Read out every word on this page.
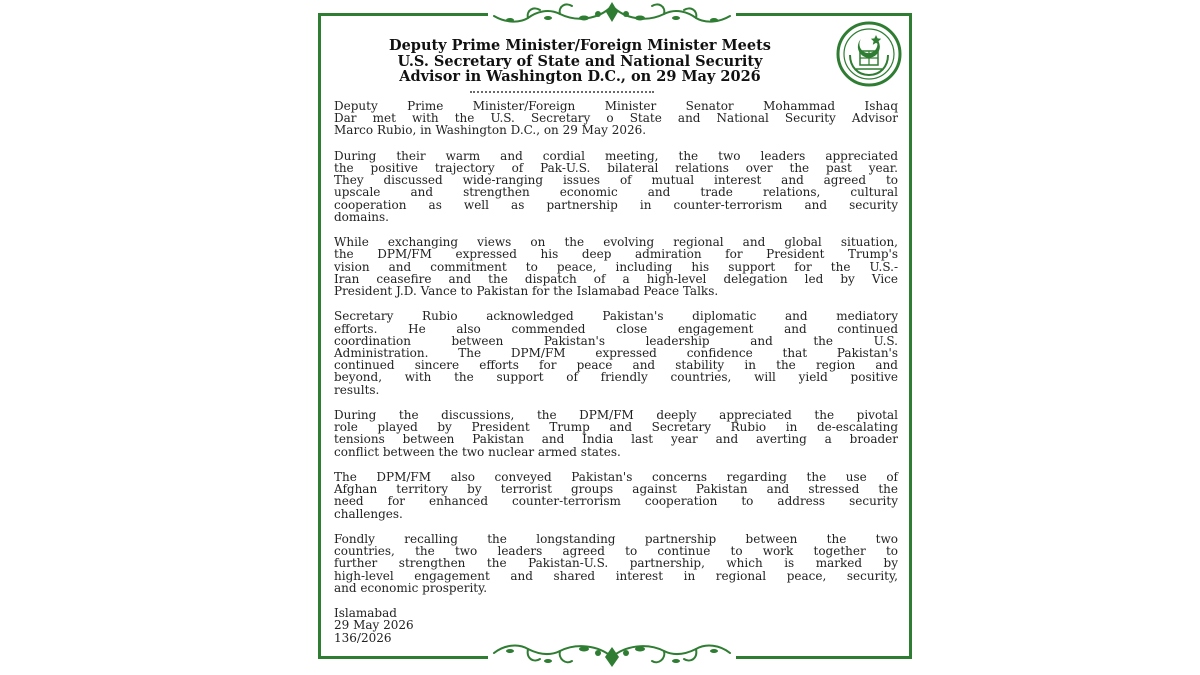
Deputy Prime Minister/Foreign Minister Meets
U.S. Secretary of State and National Security
Advisor in Washington D.C., on 29 May 2026

Deputy Prime Minister/Foreign Minister Senator Mohammad Ishaq
Dar met with the U.S. Secretary o State and National Security Advisor
Marco Rubio, in Washington D.C., on 29 May 2026.

During their warm and cordial meeting, the two leaders appreciated
the positive trajectory of Pak-U.S. bilateral relations over the past year.
They discussed wide-ranging issues of mutual interest and agreed to
upscale and strengthen economic and trade relations, cultural
cooperation as well as partnership in counter-terrorism and security
domains.

While exchanging views on the evolving regional and global situation,
the DPM/FM expressed his deep admiration for President Trump's
vision and commitment to peace, including his support for the U.S.-
Iran ceasefire and the dispatch of a high-level delegation led by Vice
President J.D. Vance to Pakistan for the Islamabad Peace Talks.

Secretary Rubio acknowledged Pakistan's diplomatic and mediatory
efforts. He also commended close engagement and continued
coordination between Pakistan's leadership and the U.S.
Administration. The DPM/FM expressed confidence that Pakistan's
continued sincere efforts for peace and stability in the region and
beyond, with the support of friendly countries, will yield positive
results.

During the discussions, the DPM/FM deeply appreciated the pivotal
role played by President Trump and Secretary Rubio in de-escalating
tensions between Pakistan and India last year and averting a broader
conflict between the two nuclear armed states.

The DPM/FM also conveyed Pakistan's concerns regarding the use of
Afghan territory by terrorist groups against Pakistan and stressed the
need for enhanced counter-terrorism cooperation to address security
challenges.

Fondly recalling the longstanding partnership between the two
countries, the two leaders agreed to continue to work together to
further strengthen the Pakistan-U.S. partnership, which is marked by
high-level engagement and shared interest in regional peace, security,
and economic prosperity.

Islamabad
29 May 2026
136/2026
